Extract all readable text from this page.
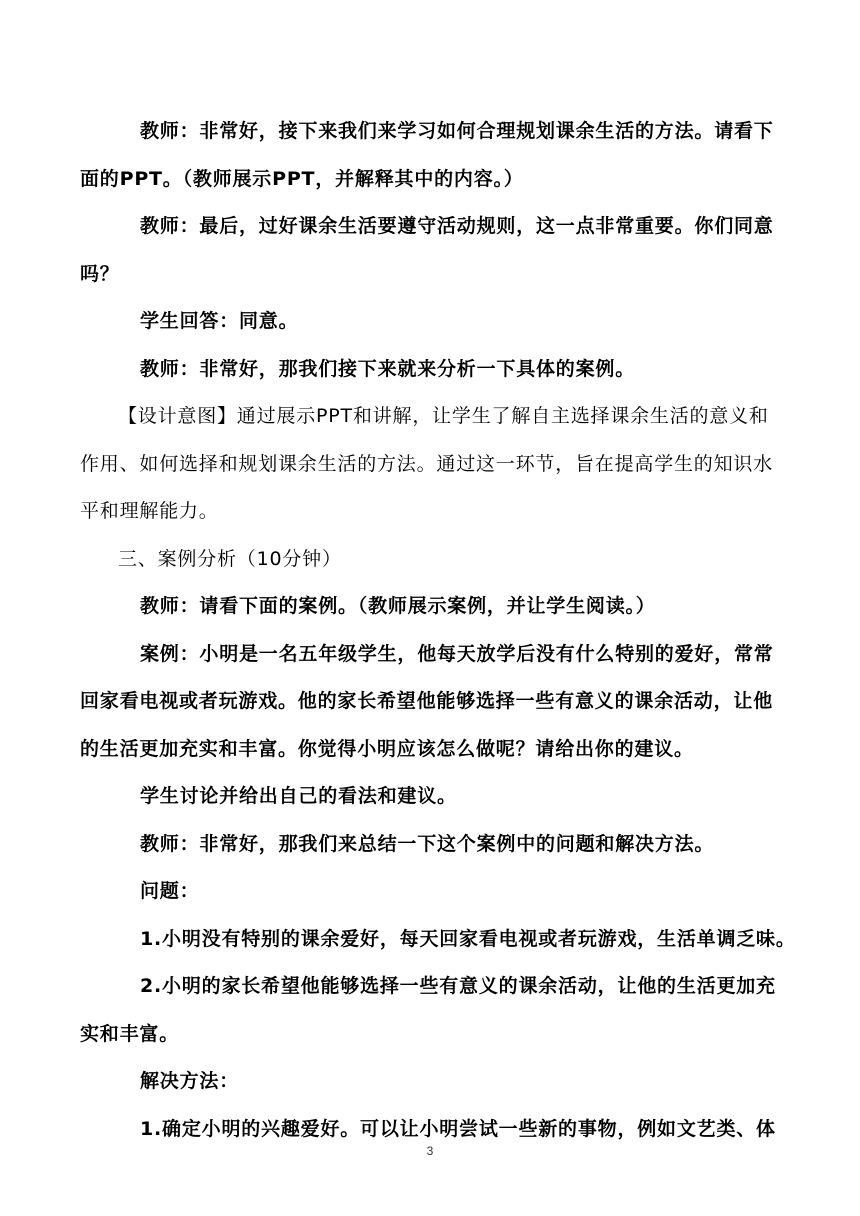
教师：非常好，接下来我们来学习如何合理规划课余生活的方法。请看下
面的PPT。（教师展示PPT，并解释其中的内容。）
教师：最后，过好课余生活要遵守活动规则，这一点非常重要。你们同意
吗？
学生回答：同意。
教师：非常好，那我们接下来就来分析一下具体的案例。
【设计意图】通过展示PPT和讲解，让学生了解自主选择课余生活的意义和
作用、如何选择和规划课余生活的方法。通过这一环节，旨在提高学生的知识水
平和理解能力。
三、案例分析（10分钟）
教师：请看下面的案例。（教师展示案例，并让学生阅读。）
案例：小明是一名五年级学生，他每天放学后没有什么特别的爱好，常常
回家看电视或者玩游戏。他的家长希望他能够选择一些有意义的课余活动，让他
的生活更加充实和丰富。你觉得小明应该怎么做呢？请给出你的建议。
学生讨论并给出自己的看法和建议。
教师：非常好，那我们来总结一下这个案例中的问题和解决方法。
问题：
1.小明没有特别的课余爱好，每天回家看电视或者玩游戏，生活单调乏味。
2.小明的家长希望他能够选择一些有意义的课余活动，让他的生活更加充
实和丰富。
解决方法：
1.确定小明的兴趣爱好。可以让小明尝试一些新的事物，例如文艺类、体
3
